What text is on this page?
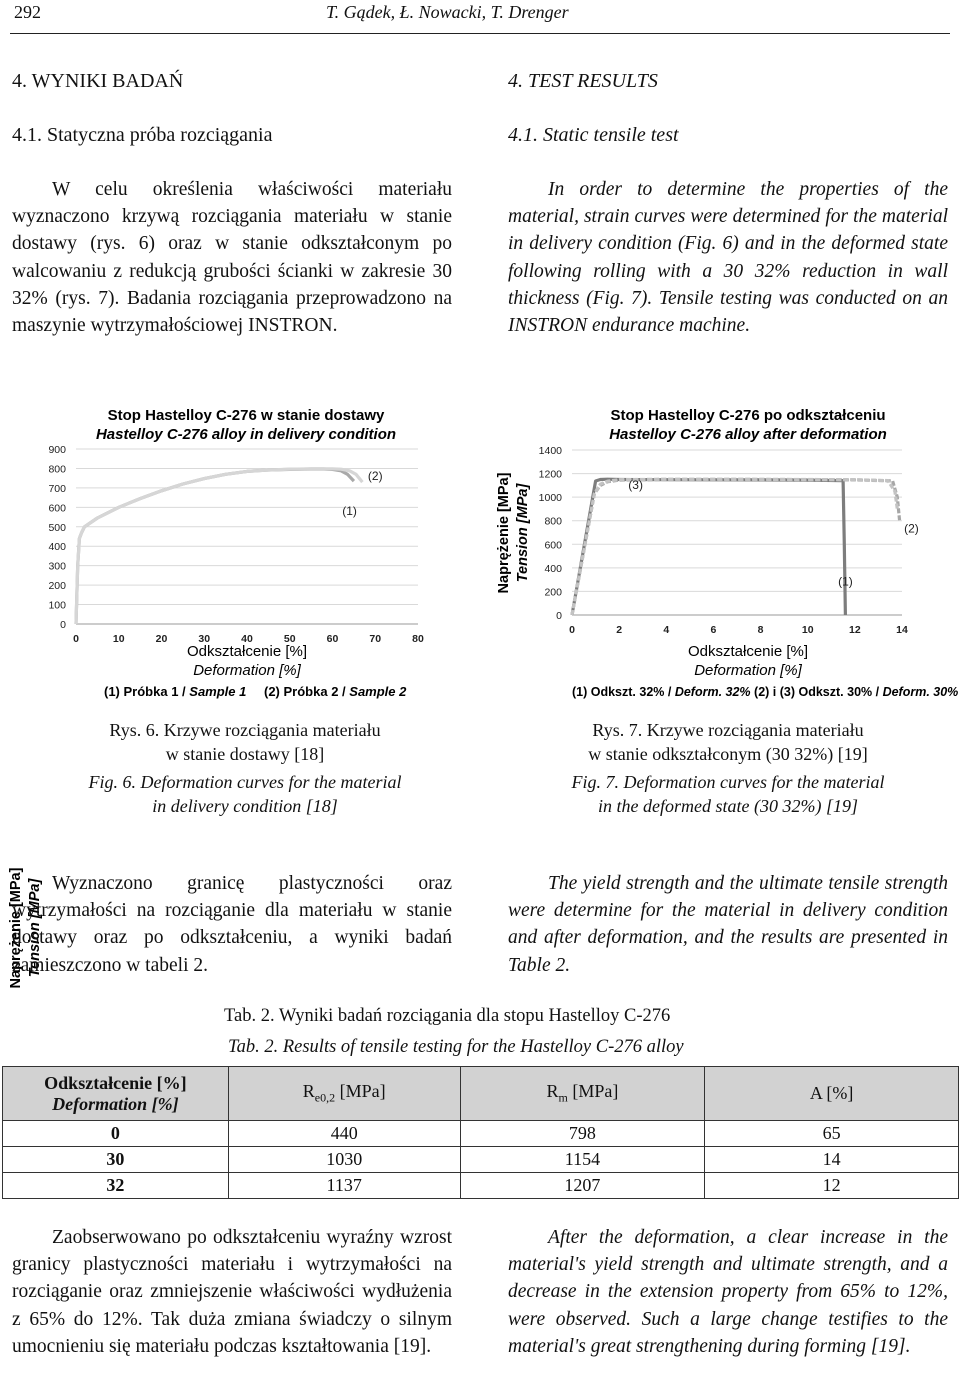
292	T. Gądek, Ł. Nowacki, T. Drenger
4. WYNIKI BADAŃ
4.1. Statyczna próba rozciągania
W celu określenia właściwości materiału wyznaczono krzywą rozciągania materiału w stanie dostawy (rys. 6) oraz w stanie odkształconym po walcowaniu z redukcją grubości ścianki w zakresie 30 32% (rys. 7). Badania rozciągania przeprowadzono na maszynie wytrzymałościowej INSTRON.
4. TEST RESULTS
4.1. Static tensile test
In order to determine the properties of the material, strain curves were determined for the material in delivery condition (Fig. 6) and in the deformed state following rolling with a 30 32% reduction in wall thickness (Fig. 7). Tensile testing was conducted on an INSTRON endurance machine.
Stop Hastelloy C-276 w stanie dostawy
Hastelloy C-276 alloy in delivery condition
Naprężenie [MPa] Tension [MPa]
0
100
200
300
400
500
600
700
800
900
0	10	20	30	40	50	60	70	80
(1)
(2)
Odkształcenie [%]
Deformation [%]
(1) Próbka 1 / Sample 1 (2) Próbka 2 / Sample 2
Stop Hastelloy C-276 po odkształceniu
Hastelloy C-276 alloy after deformation
Naprężenie [MPa] Tension [MPa]
0
200
400
600
800
1000
1200
1400
0	2	4	6	8	10	12	14
(1)
(2)
(3)
Odkształcenie [%]
Deformation [%]
(1) Odkszt. 32% / Deform. 32% (2) i (3) Odkszt. 30% / Deform. 30%
Rys. 6. Krzywe rozciągania materiału
w stanie dostawy [18]
Fig. 6. Deformation curves for the material
in delivery condition [18]
Rys. 7. Krzywe rozciągania materiału
w stanie odkształconym (30 32%) [19]
Fig. 7. Deformation curves for the material
in the deformed state (30 32%) [19]
Wyznaczono granicę plastyczności oraz wytrzymałości na rozciąganie dla materiału w stanie dostawy oraz po odkształceniu, a wyniki badań zamieszczono w tabeli 2.
The yield strength and the ultimate tensile strength were determine for the material in delivery condition and after deformation, and the results are presented in Table 2.
Tab. 2. Wyniki badań rozciągania dla stopu Hastelloy C-276
Tab. 2. Results of tensile testing for the Hastelloy C-276 alloy
Odkształcenie [%]
Deformation [%]	$R_{e0,2}$ [MPa]	$R_m$ [MPa]	A [%]
0	440	798	65
30	1030	1154	14
32	1137	1207	12
Zaobserwowano po odkształceniu wyraźny wzrost granicy plastyczności materiału i wytrzymałości na rozciąganie oraz zmniejszenie właściwości wydłużenia z 65% do 12%. Tak duża zmiana świadczy o silnym umocnieniu się materiału podczas kształtowania [19].
After the deformation, a clear increase in the material's yield strength and ultimate strength, and a decrease in the extension property from 65% to 12%, were observed. Such a large change testifies to the material's great strengthening during forming [19].
